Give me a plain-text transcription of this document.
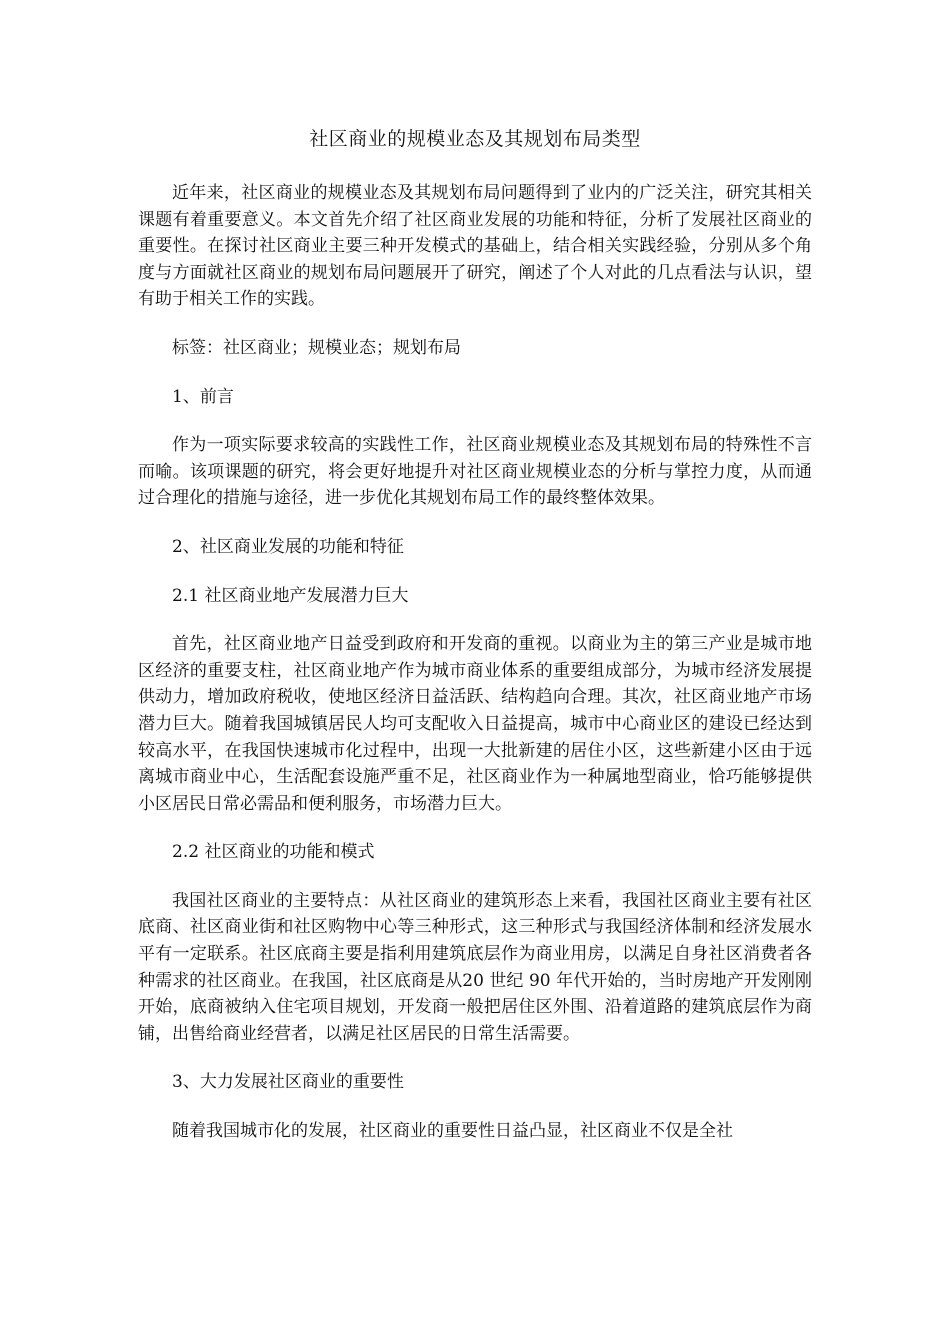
社区商业的规模业态及其规划布局类型

近年来，社区商业的规模业态及其规划布局问题得到了业内的广泛关注，研究其相关课题有着重要意义。本文首先介绍了社区商业发展的功能和特征，分析了发展社区商业的重要性。在探讨社区商业主要三种开发模式的基础上，结合相关实践经验，分别从多个角度与方面就社区商业的规划布局问题展开了研究，阐述了个人对此的几点看法与认识，望有助于相关工作的实践。

标签：社区商业；规模业态；规划布局

1、前言

作为一项实际要求较高的实践性工作，社区商业规模业态及其规划布局的特殊性不言而喻。该项课题的研究，将会更好地提升对社区商业规模业态的分析与掌控力度，从而通过合理化的措施与途径，进一步优化其规划布局工作的最终整体效果。

2、社区商业发展的功能和特征

2.1 社区商业地产发展潜力巨大

首先，社区商业地产日益受到政府和开发商的重视。以商业为主的第三产业是城市地区经济的重要支柱，社区商业地产作为城市商业体系的重要组成部分，为城市经济发展提供动力，增加政府税收，使地区经济日益活跃、结构趋向合理。其次，社区商业地产市场潜力巨大。随着我国城镇居民人均可支配收入日益提高，城市中心商业区的建设已经达到较高水平，在我国快速城市化过程中，出现一大批新建的居住小区，这些新建小区由于远离城市商业中心，生活配套设施严重不足，社区商业作为一种属地型商业，恰巧能够提供小区居民日常必需品和便利服务，市场潜力巨大。

2.2 社区商业的功能和模式

我国社区商业的主要特点：从社区商业的建筑形态上来看，我国社区商业主要有社区底商、社区商业街和社区购物中心等三种形式，这三种形式与我国经济体制和经济发展水平有一定联系。社区底商主要是指利用建筑底层作为商业用房，以满足自身社区消费者各种需求的社区商业。在我国，社区底商是从20 世纪 90 年代开始的，当时房地产开发刚刚开始，底商被纳入住宅项目规划，开发商一般把居住区外围、沿着道路的建筑底层作为商铺，出售给商业经营者，以满足社区居民的日常生活需要。

3、大力发展社区商业的重要性

随着我国城市化的发展，社区商业的重要性日益凸显，社区商业不仅是全社
